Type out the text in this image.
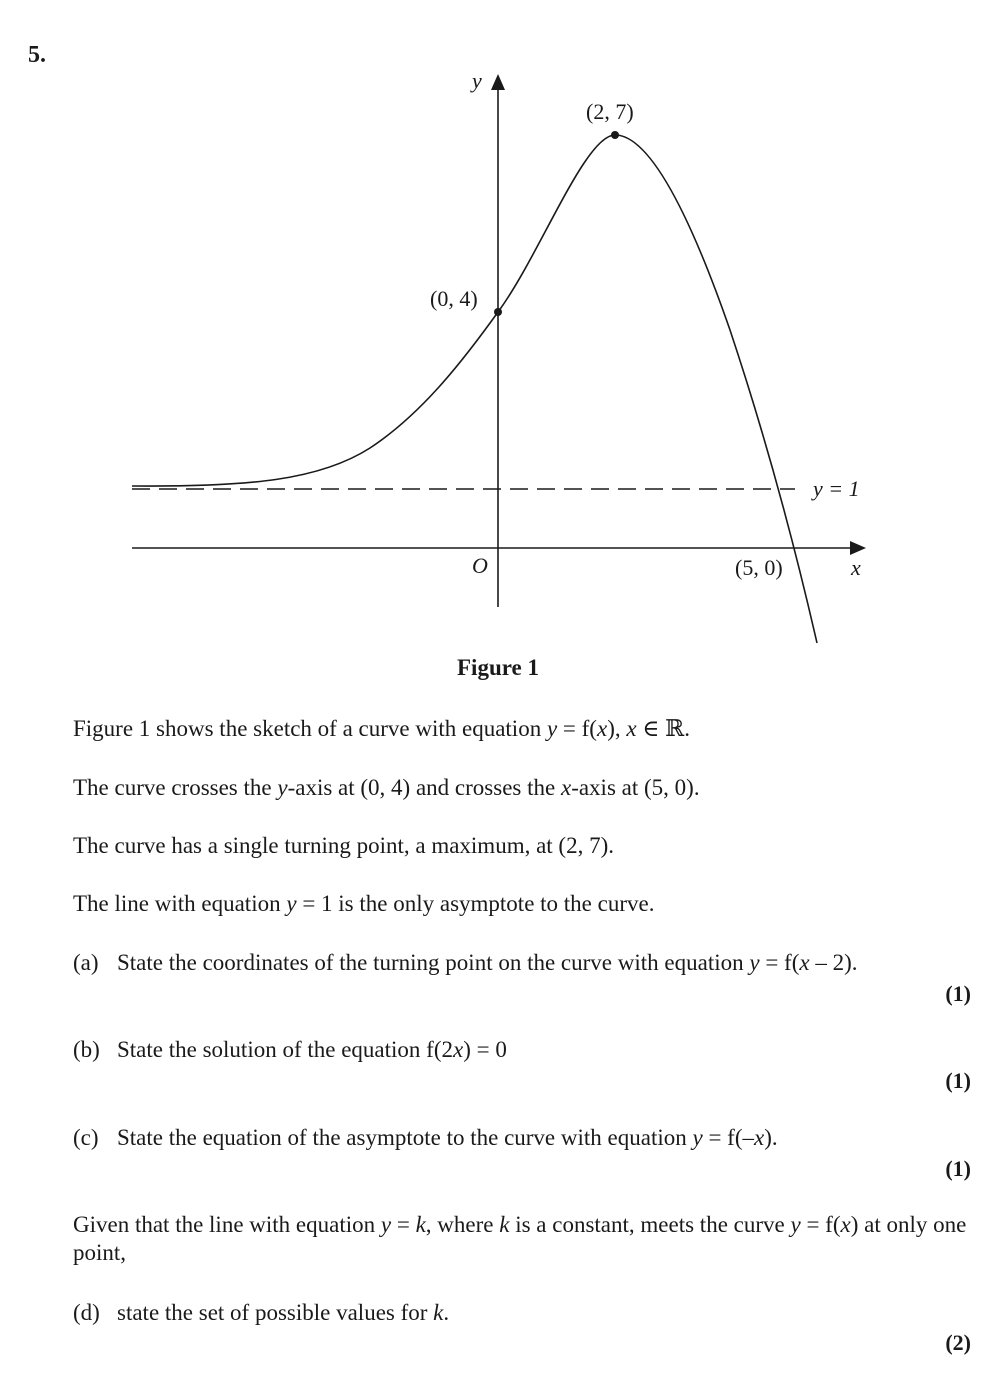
5.
y
x
O
(0, 4)
(2, 7)
(5, 0)
y = 1
Figure 1
Figure 1 shows the sketch of a curve with equation y = f(x), x ∈ ℝ.
The curve crosses the y-axis at (0, 4) and crosses the x-axis at (5, 0).
The curve has a single turning point, a maximum, at (2, 7).
The line with equation y = 1 is the only asymptote to the curve.
(a) State the coordinates of the turning point on the curve with equation y = f(x – 2).
(1)
(b) State the solution of the equation f(2x) = 0
(1)
(c) State the equation of the asymptote to the curve with equation y = f(–x).
(1)
Given that the line with equation y = k, where k is a constant, meets the curve y = f(x) at only one point,
(d) state the set of possible values for k.
(2)
